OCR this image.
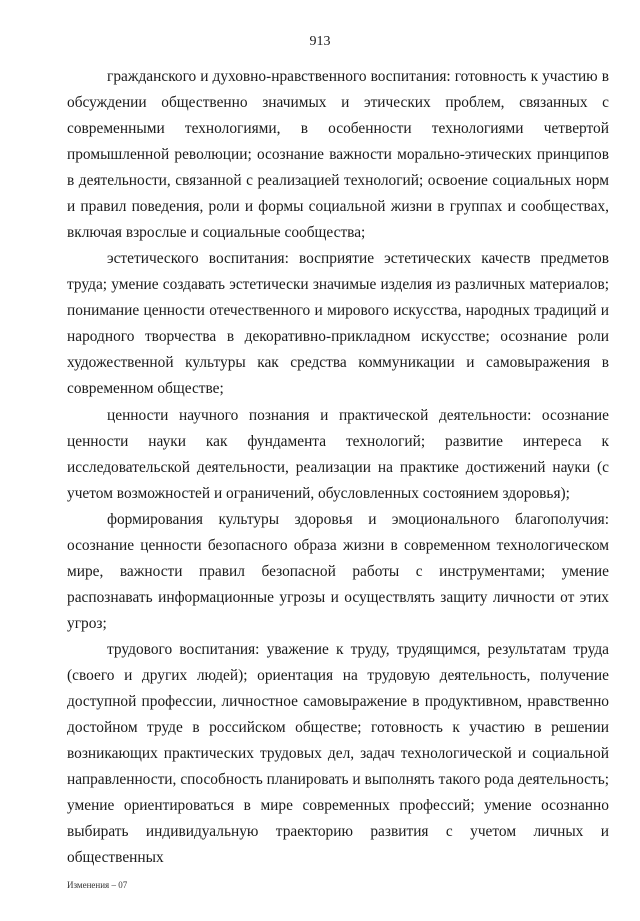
913

гражданского и духовно-нравственного воспитания: готовность к участию в обсуждении общественно значимых и этических проблем, связанных с современными технологиями, в особенности технологиями четвертой промышленной революции; осознание важности морально-этических принципов в деятельности, связанной с реализацией технологий; освоение социальных норм и правил поведения, роли и формы социальной жизни в группах и сообществах, включая взрослые и социальные сообщества;

эстетического воспитания: восприятие эстетических качеств предметов труда; умение создавать эстетически значимые изделия из различных материалов; понимание ценности отечественного и мирового искусства, народных традиций и народного творчества в декоративно-прикладном искусстве; осознание роли художественной культуры как средства коммуникации и самовыражения в современном обществе;

ценности научного познания и практической деятельности: осознание ценности науки как фундамента технологий; развитие интереса к исследовательской деятельности, реализации на практике достижений науки (с учетом возможностей и ограничений, обусловленных состоянием здоровья);

формирования культуры здоровья и эмоционального благополучия: осознание ценности безопасного образа жизни в современном технологическом мире, важности правил безопасной работы с инструментами; умение распознавать информационные угрозы и осуществлять защиту личности от этих угроз;

трудового воспитания: уважение к труду, трудящимся, результатам труда (своего и других людей); ориентация на трудовую деятельность, получение доступной профессии, личностное самовыражение в продуктивном, нравственно достойном труде в российском обществе; готовность к участию в решении возникающих практических трудовых дел, задач технологической и социальной направленности, способность планировать и выполнять такого рода деятельность; умение ориентироваться в мире современных профессий; умение осознанно выбирать индивидуальную траекторию развития с учетом личных и общественных

Изменения – 07
